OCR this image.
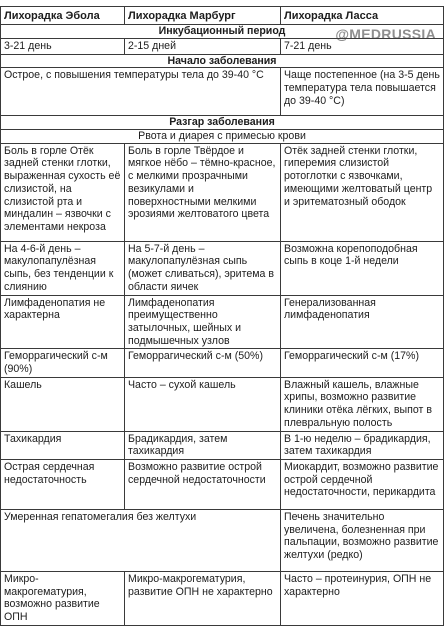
@MEDRUSSIA
Лихорадка Эбола	Лихорадка Марбург	Лихорадка Ласса
Инкубационный период		
3-21 день	2-15 дней	7-21 день
Начало заболевания		
Острое, с повышения температуры тела до 39-40 °С		Чаще постепенное (на 3-5 день температура тела повышается до 39-40 °С)
Разгар заболевания		
Рвота и диарея с примесью крови		
Боль в горле Отёк задней стенки глотки, выраженная сухость её слизистой, на слизистой рта и миндалин – язвочки с элементами некроза	Боль в горле Твёрдое и мягкое нёбо – тёмно-красное, с мелкими прозрачными везикулами и поверхностными мелкими эрозиями желтоватого цвета	Отёк задней стенки глотки, гиперемия слизистой ротоглотки с язвочками, имеющими желтоватый центр и эритематозный ободок
На 4-6-й день – макулопапулёзная сыпь, без тенденции к слиянию	На 5-7-й день – макулопапулёзная сыпь (может сливаться), эритема в области яичек	Возможна корепоподобная сыпь в коце 1-й недели
Лимфаденопатия не характерна	Лимфаденопатия преимущественно затылочных, шейных и подмышечных узлов	Генерализованная лимфаденопатия
Геморрагический с-м (90%)	Геморрагический с-м (50%)	Геморрагический с-м (17%)
Кашель	Часто – сухой кашель	Влажный кашель, влажные хрипы, возможно развитие клиники отёка лёгких, выпот в плевральную полость
Тахикардия	Брадикардия, затем тахикардия	В 1-ю неделю – брадикардия, затем тахикардия
Острая сердечная недостаточность	Возможно развитие острой сердечной недостаточности	Миокардит, возможно развитие острой сердечной недостаточности, перикардита
Умеренная гепатомегалия без желтухи		Печень значительно увеличена, болезненная при пальпации, возможно развитие желтухи (редко)
Микро-макрогематурия, возможно развитие ОПН	Микро-макрогематурия, развитие ОПН не характерно	Часто – протеинурия, ОПН не характерно
